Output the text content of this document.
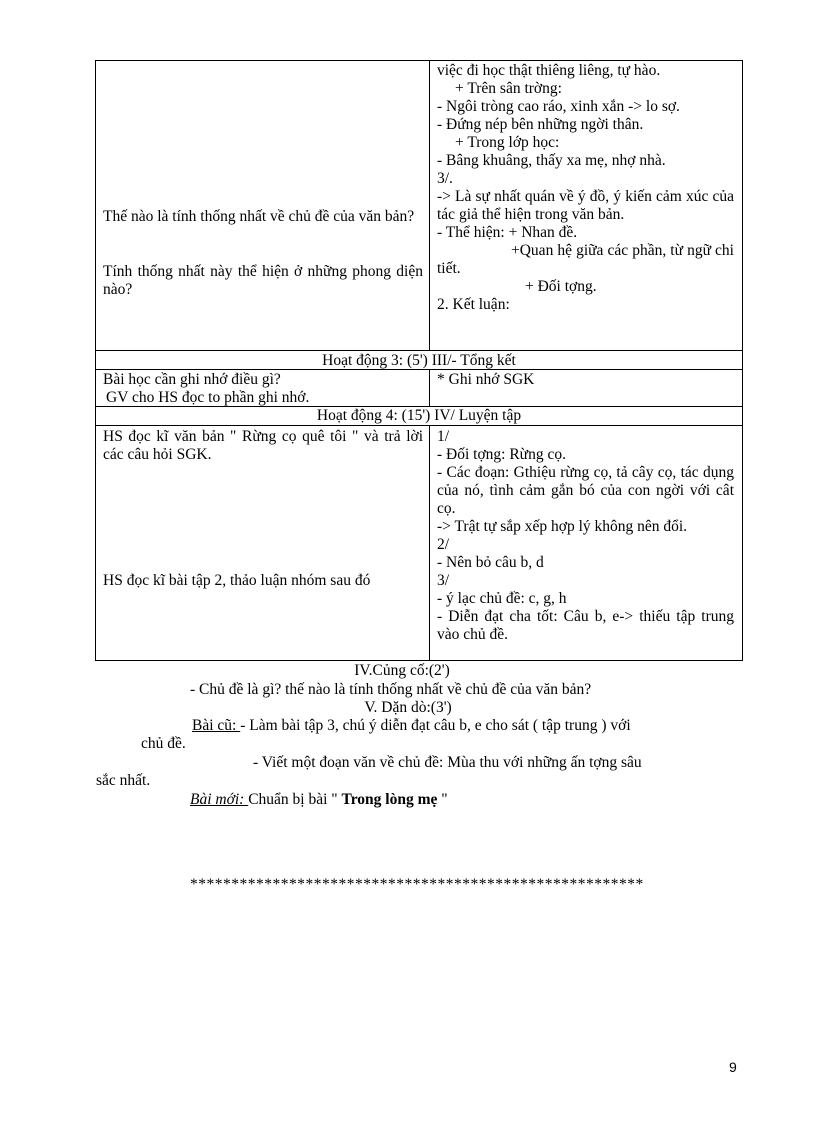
Thế nào là tính thống nhất về chủ đề của văn bản?
Tính thống nhất này thể hiện ở những phong diện nào?

việc đi học thật thiêng liêng, tự hào.

+ Trên sân trờng:

- Ngôi tròng cao ráo, xinh xắn -> lo sợ.

- Đứng nép bên những ngời thân.

+ Trong lớp học:

- Bâng khuâng, thấy xa mẹ, nhợ nhà.

3/.

-> Là sự nhất quán về ý đồ, ý kiến cảm xúc của tác giả thể hiện trong văn bản.

- Thể hiện: + Nhan đề.

+Quan hệ giữa các phần, từ ngữ chi tiết.

+ Đối tợng.

2. Kết luận:

Hoạt động 3: (5') III/- Tổng kết

Bài học cần ghi nhớ điều gì?

GV cho HS đọc to phần ghi nhớ.

* Ghi nhớ SGK
Hoạt động 4: (15') IV/ Luyện tập
HS đọc kĩ văn bản " Rừng cọ quê tôi " và trả lời các câu hỏi SGK.
HS đọc kĩ bài tập 2, thảo luận nhóm sau đó

1/

- Đối tợng: Rừng cọ.

- Các đoạn: Gthiệu rừng cọ, tả cây cọ, tác dụng của nó, tình cảm gắn bó của con ngời với cât cọ.

-> Trật tự sắp xếp hợp lý không nên đổi.

2/

- Nên bỏ câu b, d

3/

- ý lạc chủ đề: c, g, h

- Diễn đạt cha tốt: Câu b, e-> thiếu tập trung vào chủ đề.

IV.Củng cố:(2')
- Chủ đề là gì? thế nào là tính thống nhất về chủ đề của văn bản?
V. Dặn dò:(3')
Bài cũ: - Làm bài tập 3, chú ý diễn đạt câu b, e cho sát ( tập trung ) với
chủ đề.
- Viết một đoạn văn về chủ đề: Mùa thu với những ấn tợng sâu
sắc nhất.
Bài mới: Chuẩn bị bài " Trong lòng mẹ "
*******************************************************
9
